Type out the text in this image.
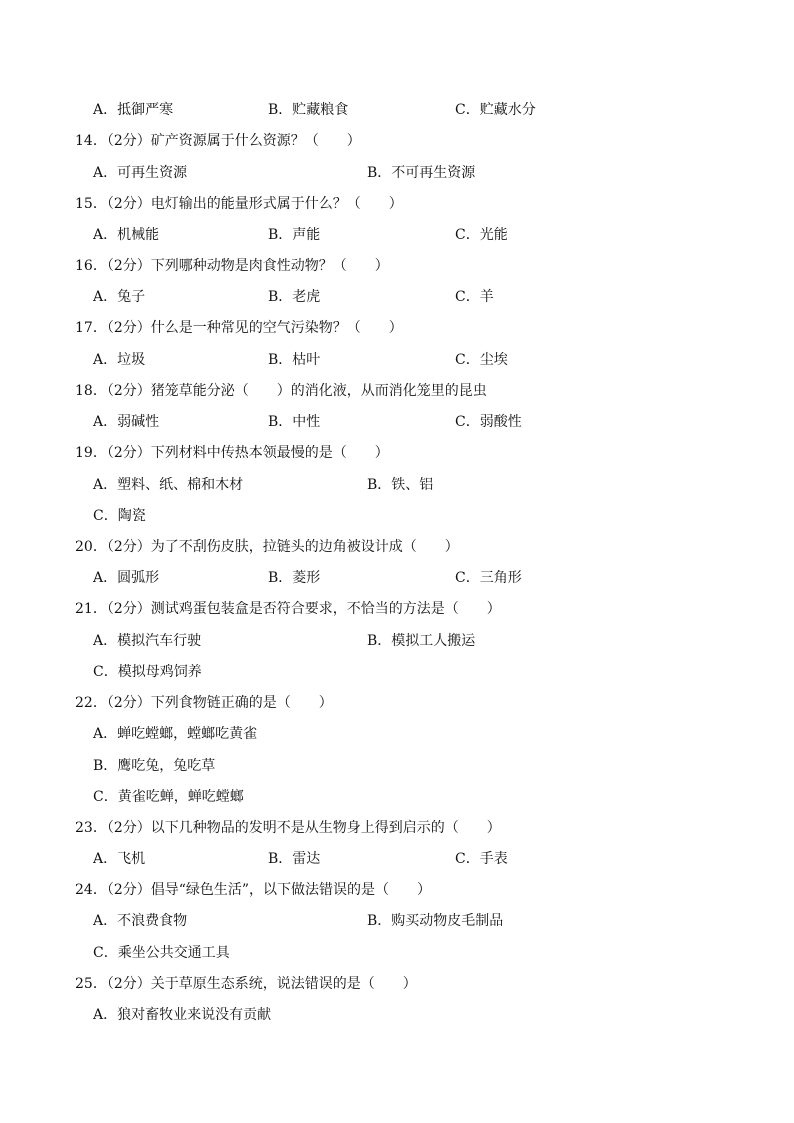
A．抵御严寒	B．贮藏粮食	C．贮藏水分
14．（2分）矿产资源属于什么资源？（　　）
A．可再生资源	B．不可再生资源
15．（2分）电灯输出的能量形式属于什么？（　　）
A．机械能	B．声能	C．光能
16．（2分）下列哪种动物是肉食性动物？（　　）
A．兔子	B．老虎	C．羊
17．（2分）什么是一种常见的空气污染物？（　　）
A．垃圾	B．枯叶	C．尘埃
18．（2分）猪笼草能分泌（　　）的消化液，从而消化笼里的昆虫
A．弱碱性	B．中性	C．弱酸性
19．（2分）下列材料中传热本领最慢的是（　　）
A．塑料、纸、棉和木材	B．铁、铝
C．陶瓷
20．（2分）为了不刮伤皮肤，拉链头的边角被设计成（　　）
A．圆弧形	B．菱形	C．三角形
21．（2分）测试鸡蛋包装盒是否符合要求，不恰当的方法是（　　）
A．模拟汽车行驶	B．模拟工人搬运
C．模拟母鸡饲养
22．（2分）下列食物链正确的是（　　）
A．蝉吃螳螂，螳螂吃黄雀
B．鹰吃兔，兔吃草
C．黄雀吃蝉，蝉吃螳螂
23．（2分）以下几种物品的发明不是从生物身上得到启示的（　　）
A．飞机	B．雷达	C．手表
24．（2分）倡导“绿色生活”，以下做法错误的是（　　）
A．不浪费食物	B．购买动物皮毛制品
C．乘坐公共交通工具
25．（2分）关于草原生态系统，说法错误的是（　　）
A．狼对畜牧业来说没有贡献
